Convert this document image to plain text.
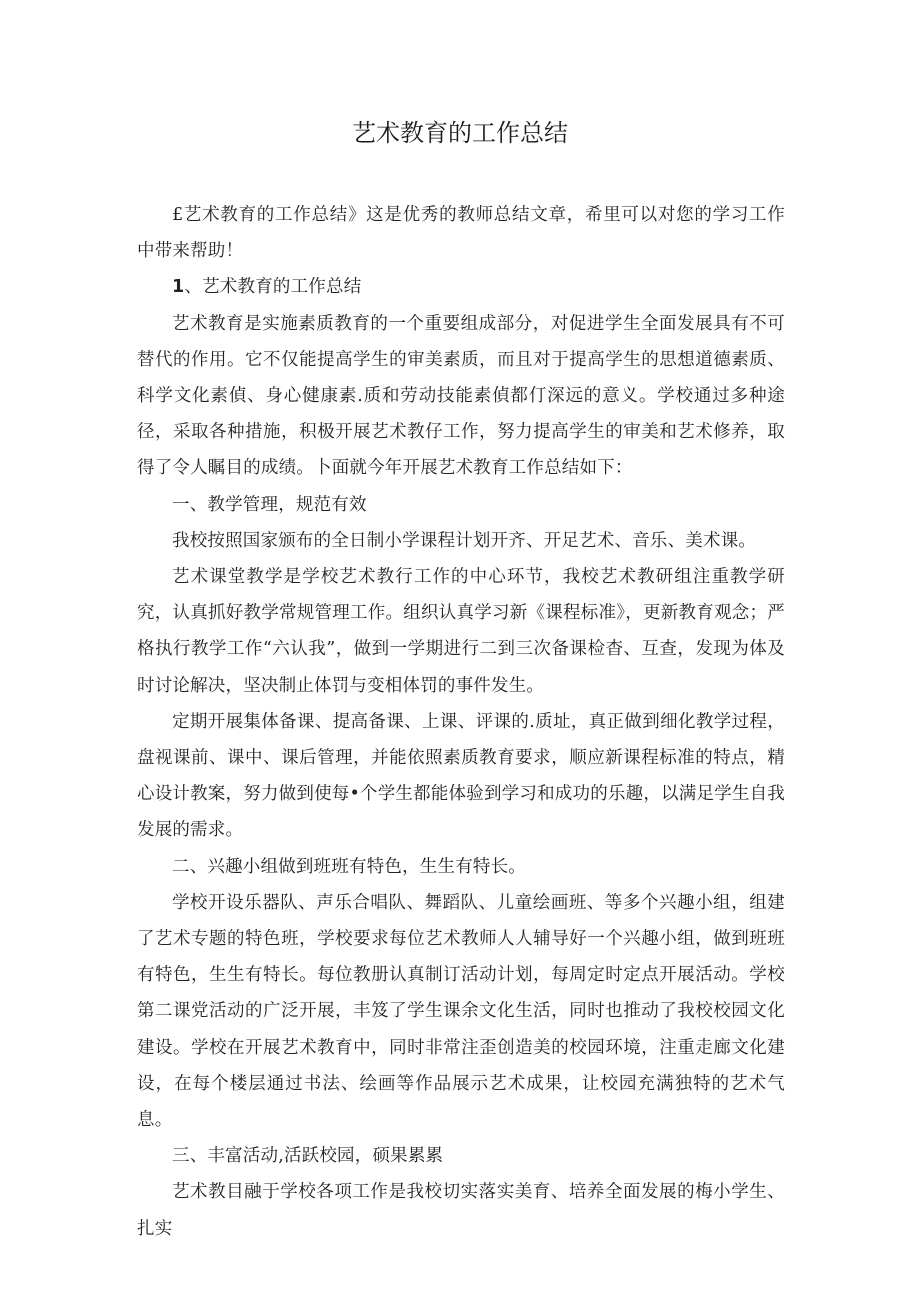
艺术教育的工作总结

£艺术教育的工作总结》这是优秀的教师总结文章，希里可以对您的学习工作中带来帮助！

1、艺术教育的工作总结

艺术教育是实施素质教育的一个重要组成部分，对促进学生全面发展具有不可替代的作用。它不仅能提高学生的审美素质，而且对于提高学生的思想道德素质、科学文化素偵、身心健康素.质和劳动技能素偵都仃深远的意义。学校通过多种途径，采取各种措施，积极开展艺术教仔工作，努力提高学生的审美和艺术修养，取得了令人瞩目的成绩。卜面就今年开展艺术教育工作总结如下：

一、教学管理，规范有效

我校按照国家颁布的全日制小学课程计划开齐、开足艺术、音乐、美术课。

艺术课堂教学是学校艺术教行工作的中心环节，我校艺术教研组注重教学研究，认真抓好教学常规管理工作。组织认真学习新《课程标准》，更新教育观念；严格执行教学工作“六认我”，做到一学期进行二到三次备课检杳、互查，发现为体及时讨论解决，坚决制止体罚与变相体罚的事件发生。

定期开展集体备课、提高备课、上课、评课的.质址，真正做到细化教学过程，盘视课前、课中、课后管理，并能依照素质教育要求，顺应新课程标准的特点，精心设计教案，努力做到使每•个学生都能体验到学习和成功的乐趣，以满足学生自我发展的需求。

二、兴趣小组做到班班有特色，生生有特长。

学校开设乐器队、声乐合唱队、舞蹈队、儿童绘画班、等多个兴趣小组，组建了艺术专题的特色班，学校要求每位艺术教师人人辅导好一个兴趣小组，做到班班有特色，生生有特长。每位教册认真制订活动计划，每周定时定点开展活动。学校第二课党活动的广泛开展，丰笈了学生课余文化生活，同时也推动了我校校园文化建设。学校在开展艺术教育中，同时非常注歪创造美的校园环境，注重走廊文化建设，在每个楼层通过书法、绘画等作品展示艺术成果，让校园充满独特的艺术气息。

三、丰富活动,活跃校园，硕果累累

艺术教目融于学校各项工作是我校切实落实美育、培养全面发展的梅小学生、扎实
